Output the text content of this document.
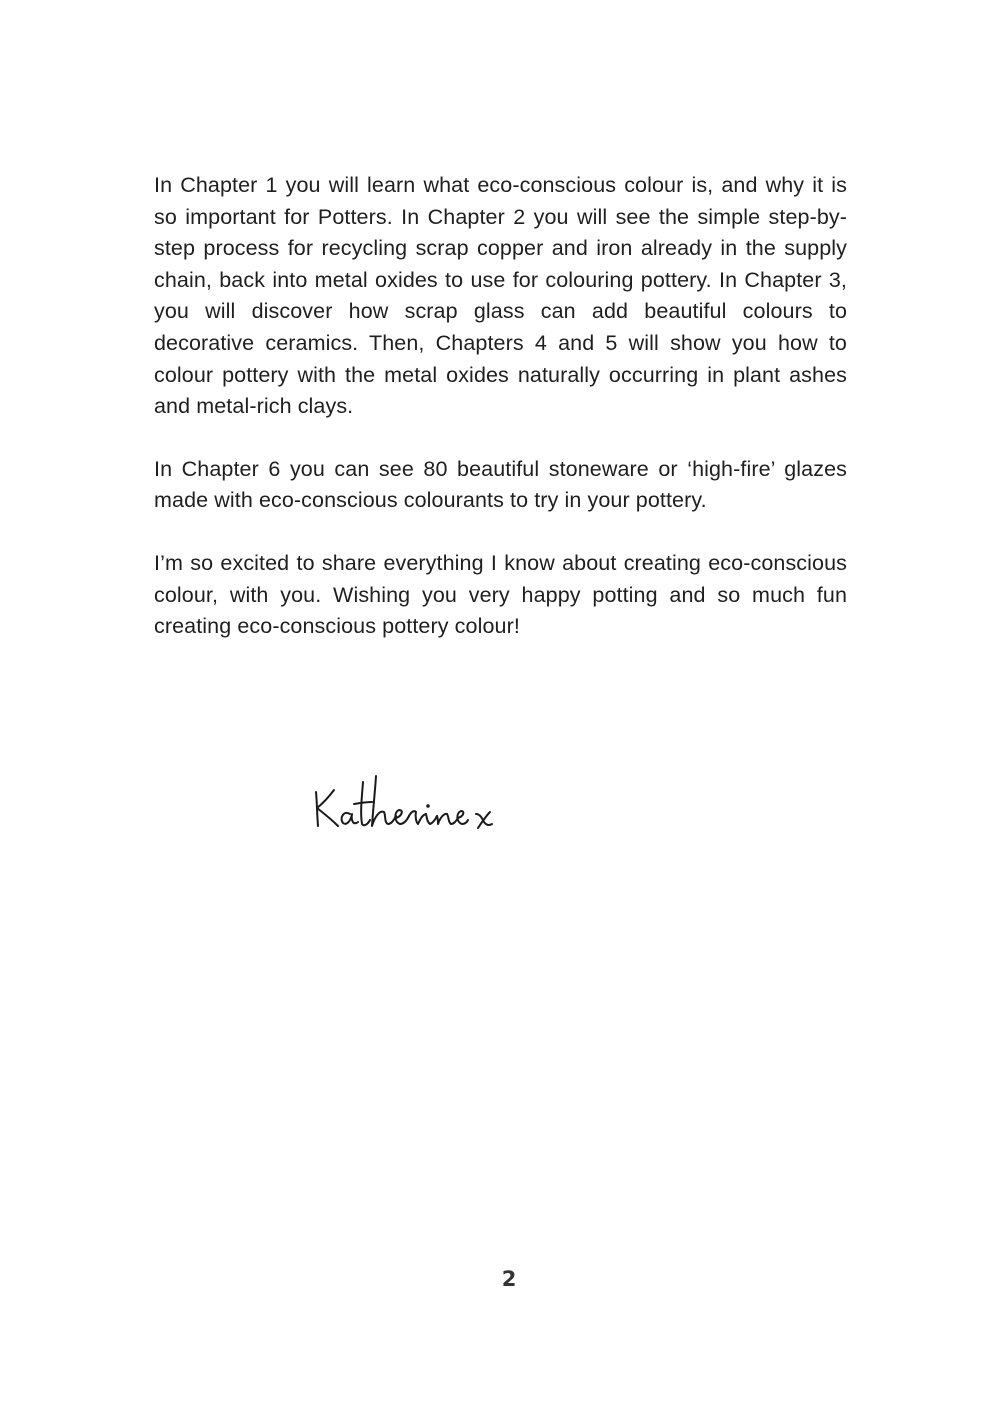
In Chapter 1 you will learn what eco-conscious colour is, and why it is so important for Potters. In Chapter 2 you will see the simple step-by-step process for recycling scrap copper and iron already in the supply chain, back into metal oxides to use for colouring pottery. In Chapter 3, you will discover how scrap glass can add beautiful colours to decorative ceramics. Then, Chapters 4 and 5 will show you how to colour pottery with the metal oxides naturally occurring in plant ashes and metal-rich clays.

In Chapter 6 you can see 80 beautiful stoneware or ‘high-fire’ glazes made with eco-conscious colourants to try in your pottery.

I’m so excited to share everything I know about creating eco-conscious colour, with you. Wishing you very happy potting and so much fun creating eco-conscious pottery colour!

2
